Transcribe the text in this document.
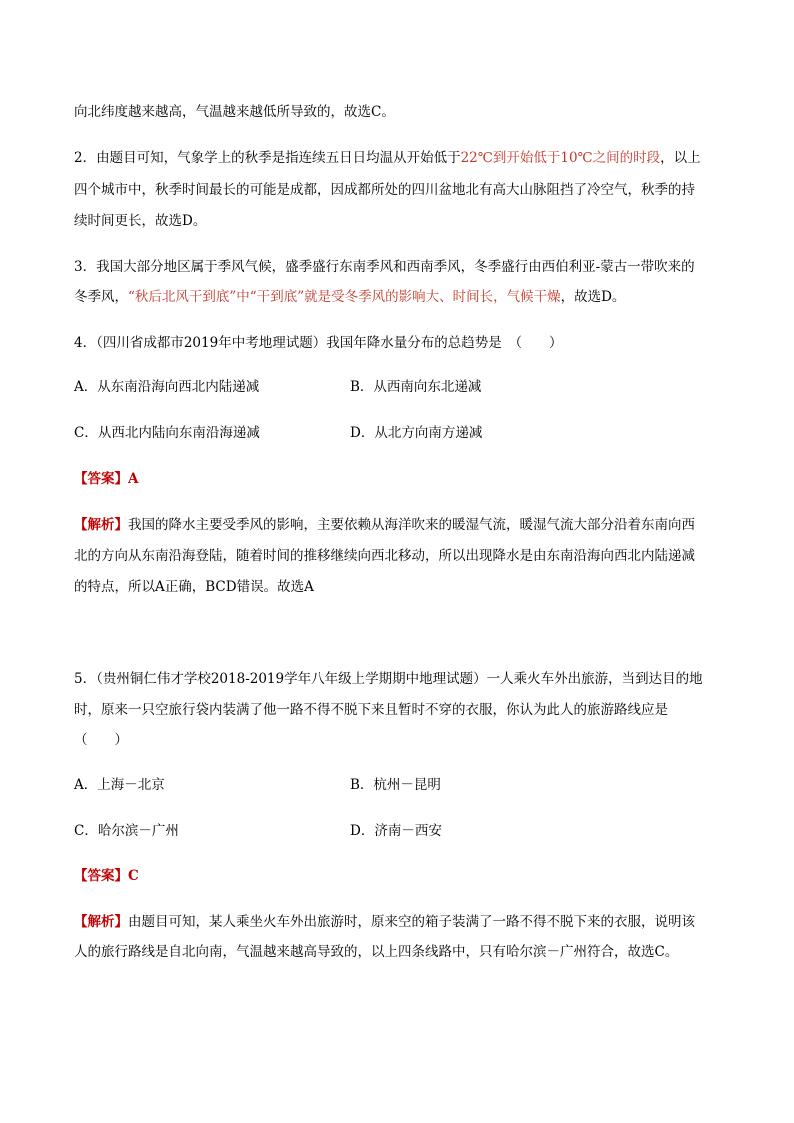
向北纬度越来越高，气温越来越低所导致的，故选C。
2．由题目可知，气象学上的秋季是指连续五日日均温从开始低于22℃到开始低于10℃之间的时段，以上
四个城市中，秋季时间最长的可能是成都，因成都所处的四川盆地北有高大山脉阻挡了冷空气，秋季的持
续时间更长，故选D。
3．我国大部分地区属于季风气候，盛季盛行东南季风和西南季风，冬季盛行由西伯利亚-蒙古一带吹来的
冬季风，“秋后北风干到底”中“干到底”就是受冬季风的影响大、时间长，气候干燥，故选D。
4．（四川省成都市2019年中考地理试题）我国年降水量分布的总趋势是　（　　）
A．从东南沿海向西北内陆递减	B．从西南向东北递减
C．从西北内陆向东南沿海递减	D．从北方向南方递减
【答案】A
【解析】我国的降水主要受季风的影响，主要依赖从海洋吹来的暖湿气流，暖湿气流大部分沿着东南向西
北的方向从东南沿海登陆，随着时间的推移继续向西北移动，所以出现降水是由东南沿海向西北内陆递减
的特点，所以A正确，BCD错误。故选A
5．（贵州铜仁伟才学校2018-2019学年八年级上学期期中地理试题）一人乘火车外出旅游，当到达目的地
时，原来一只空旅行袋内装满了他一路不得不脱下来且暂时不穿的衣服，你认为此人的旅游路线应是
（　　）
A．上海－北京	B．杭州－昆明
C．哈尔滨－广州	D．济南－西安
【答案】C
【解析】由题目可知，某人乘坐火车外出旅游时，原来空的箱子装满了一路不得不脱下来的衣服，说明该
人的旅行路线是自北向南，气温越来越高导致的，以上四条线路中，只有哈尔滨－广州符合，故选C。
